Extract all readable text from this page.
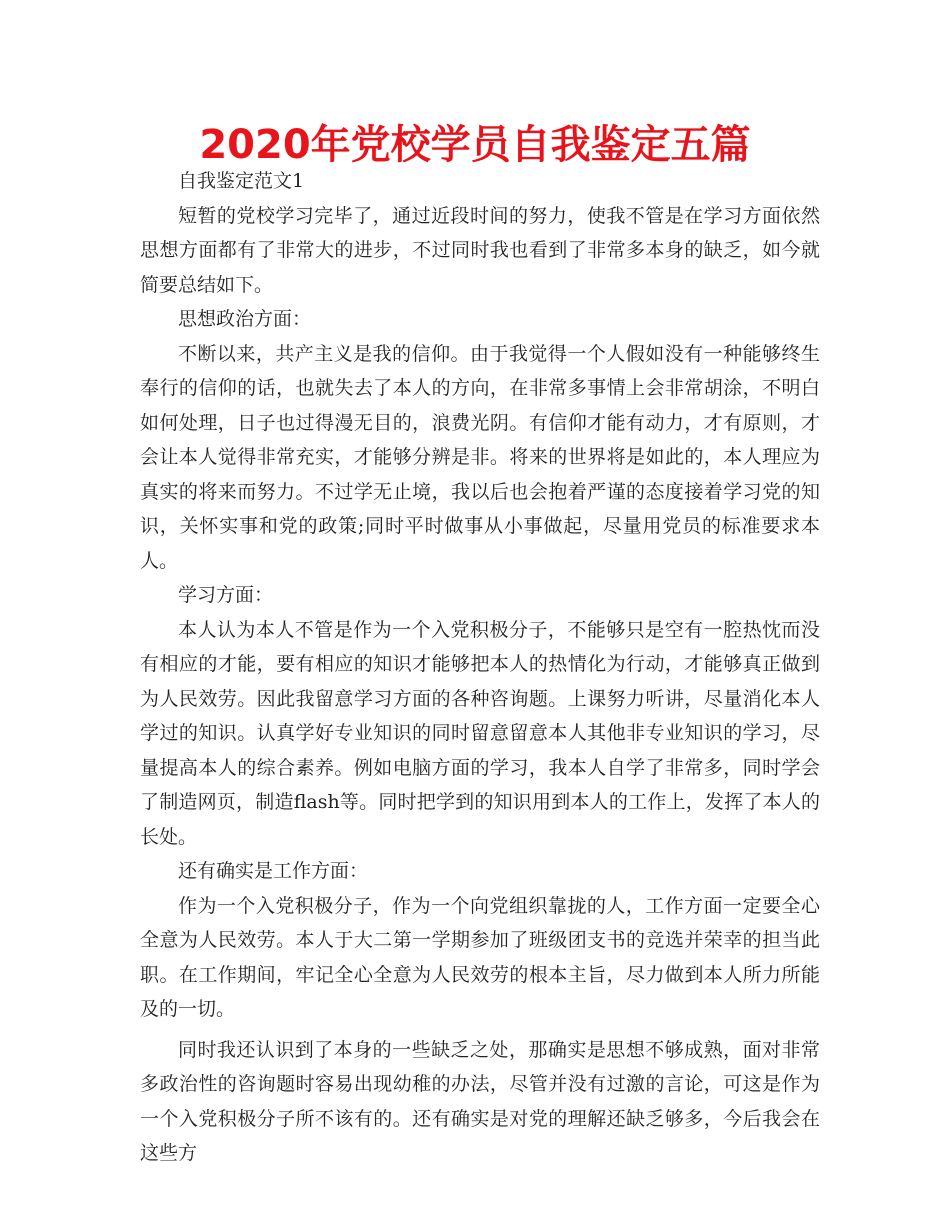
2020年党校学员自我鉴定五篇

自我鉴定范文1

短暂的党校学习完毕了，通过近段时间的努力，使我不管是在学习方面依然思想方面都有了非常大的进步，不过同时我也看到了非常多本身的缺乏，如今就简要总结如下。

思想政治方面：

不断以来，共产主义是我的信仰。由于我觉得一个人假如没有一种能够终生奉行的信仰的话，也就失去了本人的方向，在非常多事情上会非常胡涂，不明白如何处理，日子也过得漫无目的，浪费光阴。有信仰才能有动力，才有原则，才会让本人觉得非常充实，才能够分辨是非。将来的世界将是如此的，本人理应为真实的将来而努力。不过学无止境，我以后也会抱着严谨的态度接着学习党的知识，关怀实事和党的政策;同时平时做事从小事做起，尽量用党员的标准要求本人。

学习方面：

本人认为本人不管是作为一个入党积极分子，不能够只是空有一腔热忱而没有相应的才能，要有相应的知识才能够把本人的热情化为行动，才能够真正做到为人民效劳。因此我留意学习方面的各种咨询题。上课努力听讲，尽量消化本人学过的知识。认真学好专业知识的同时留意留意本人其他非专业知识的学习，尽量提高本人的综合素养。例如电脑方面的学习，我本人自学了非常多，同时学会了制造网页，制造flash等。同时把学到的知识用到本人的工作上，发挥了本人的长处。

还有确实是工作方面：

作为一个入党积极分子，作为一个向党组织靠拢的人，工作方面一定要全心全意为人民效劳。本人于大二第一学期参加了班级团支书的竞选并荣幸的担当此职。在工作期间，牢记全心全意为人民效劳的根本主旨，尽力做到本人所力所能及的一切。

同时我还认识到了本身的一些缺乏之处，那确实是思想不够成熟，面对非常多政治性的咨询题时容易出现幼稚的办法，尽管并没有过激的言论，可这是作为一个入党积极分子所不该有的。还有确实是对党的理解还缺乏够多，今后我会在这些方
